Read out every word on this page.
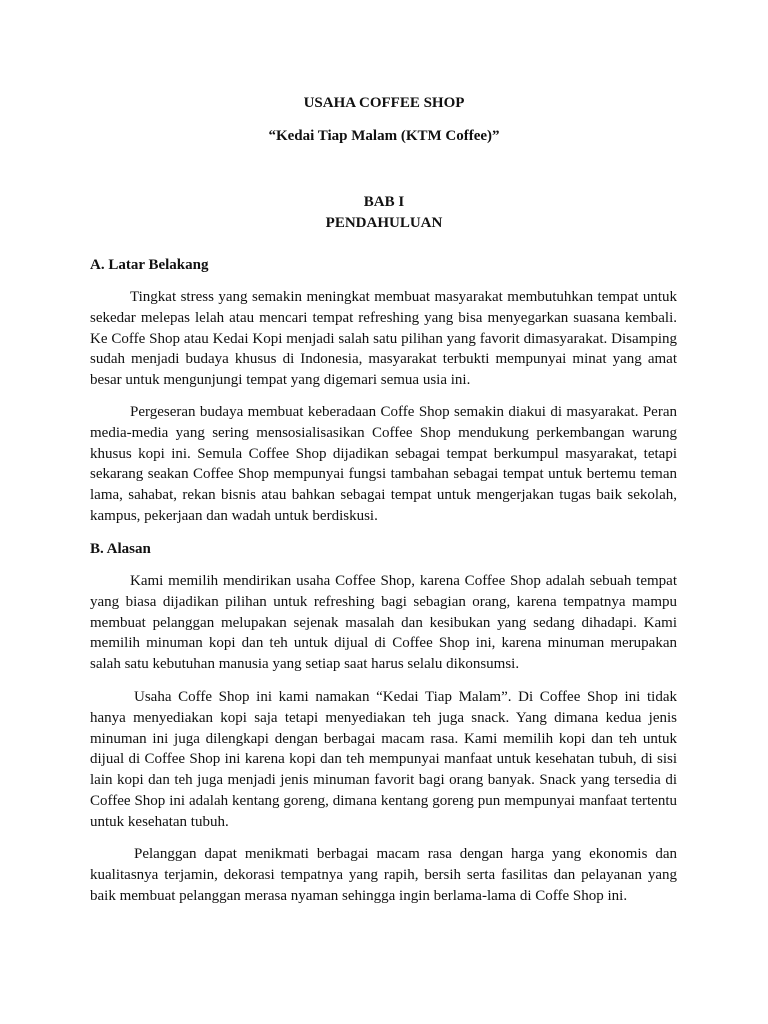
USAHA COFFEE SHOP

“Kedai Tiap Malam (KTM Coffee)”

BAB I

PENDAHULUAN

A. Latar Belakang

Tingkat stress yang semakin meningkat membuat masyarakat membutuhkan tempat untuk sekedar melepas lelah atau mencari tempat refreshing yang bisa menyegarkan suasana kembali. Ke Coffe Shop atau Kedai Kopi menjadi salah satu pilihan yang favorit dimasyarakat. Disamping sudah menjadi budaya khusus di Indonesia, masyarakat terbukti mempunyai minat yang amat besar untuk mengunjungi tempat yang digemari semua usia ini.

Pergeseran budaya membuat keberadaan Coffe Shop semakin diakui di masyarakat. Peran media-media yang sering mensosialisasikan Coffee Shop mendukung perkembangan warung khusus kopi ini. Semula Coffee Shop dijadikan sebagai tempat berkumpul masyarakat, tetapi sekarang seakan Coffee Shop mempunyai fungsi tambahan sebagai tempat untuk bertemu teman lama, sahabat, rekan bisnis atau bahkan sebagai tempat untuk mengerjakan tugas baik sekolah, kampus, pekerjaan dan wadah untuk berdiskusi.

B. Alasan

Kami memilih mendirikan usaha Coffee Shop, karena Coffee Shop adalah sebuah tempat yang biasa dijadikan pilihan untuk refreshing bagi sebagian orang, karena tempatnya mampu membuat pelanggan melupakan sejenak masalah dan kesibukan yang sedang dihadapi. Kami memilih minuman kopi dan teh untuk dijual di Coffee Shop ini, karena minuman merupakan salah satu kebutuhan manusia yang setiap saat harus selalu dikonsumsi.

Usaha Coffe Shop ini kami namakan “Kedai Tiap Malam”. Di Coffee Shop ini tidak hanya menyediakan kopi saja tetapi menyediakan teh juga snack. Yang dimana kedua jenis minuman ini juga dilengkapi dengan berbagai macam rasa. Kami memilih kopi dan teh untuk dijual di Coffee Shop ini karena kopi dan teh mempunyai manfaat untuk kesehatan tubuh, di sisi lain kopi dan teh juga menjadi jenis minuman favorit bagi orang banyak. Snack yang tersedia di Coffee Shop ini adalah kentang goreng, dimana kentang goreng pun mempunyai manfaat tertentu untuk kesehatan tubuh.

Pelanggan dapat menikmati berbagai macam rasa dengan harga yang ekonomis dan kualitasnya terjamin, dekorasi tempatnya yang rapih, bersih serta fasilitas dan pelayanan yang baik membuat pelanggan merasa nyaman sehingga ingin berlama-lama di Coffe Shop ini.
